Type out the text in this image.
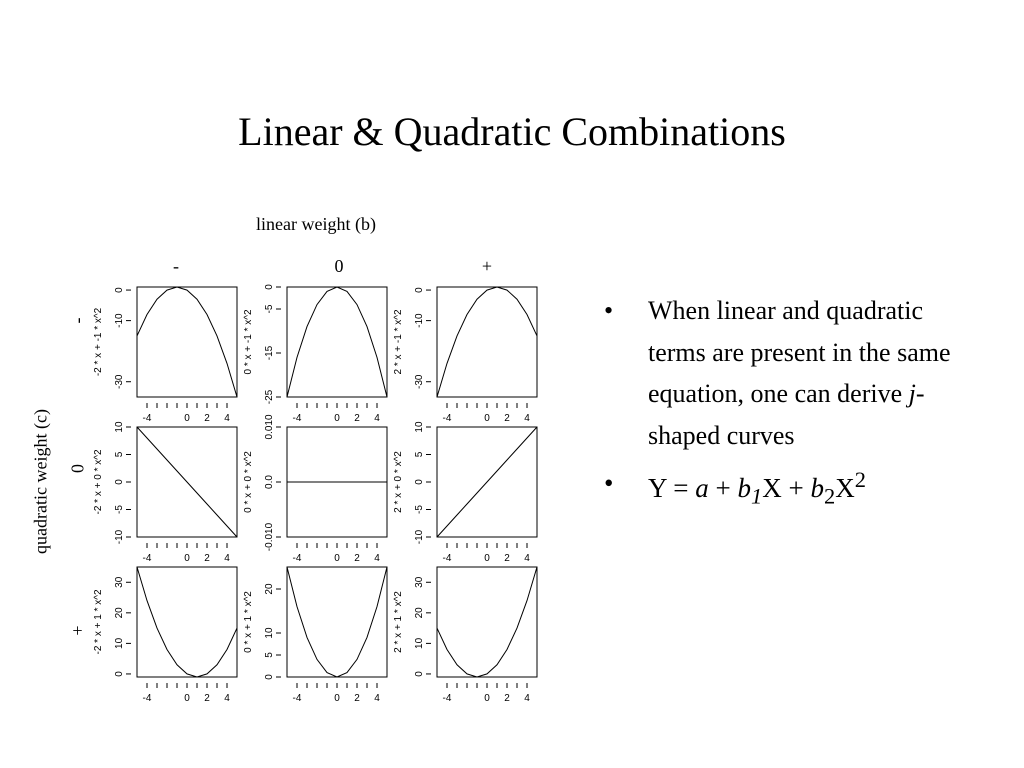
Linear & Quadratic Combinations
linear weight (b)
-	0	+
quadratic weight (c)
-
0
+
-4	0 2 4
0
-10
-30
-2 * x + -1 * x^2
-4	0 2 4
0
-5
-15
-25
0 * x + -1 * x^2
-4	0 2 4
0
-10
-30
2 * x + -1 * x^2
-4	0 2 4
10
5
0
-5
-10
-2 * x + 0 * x^2
-4	0 2 4
0.010
0.0
-0.010
0 * x + 0 * x^2
-4	0 2 4
10
5
0
-5
-10
2 * x + 0 * x^2
-4	0 2 4
30
20
10
0
-2 * x + 1 * x^2
-4	0 2 4
20
10
5
0
0 * x + 1 * x^2
-4	0 2 4
30
20
10
0
2 * x + 1 * x^2
• When linear and quadratic terms are present in the same equation, one can derive j-shaped curves
• $Y = a + b_1X + b_2X^2$
